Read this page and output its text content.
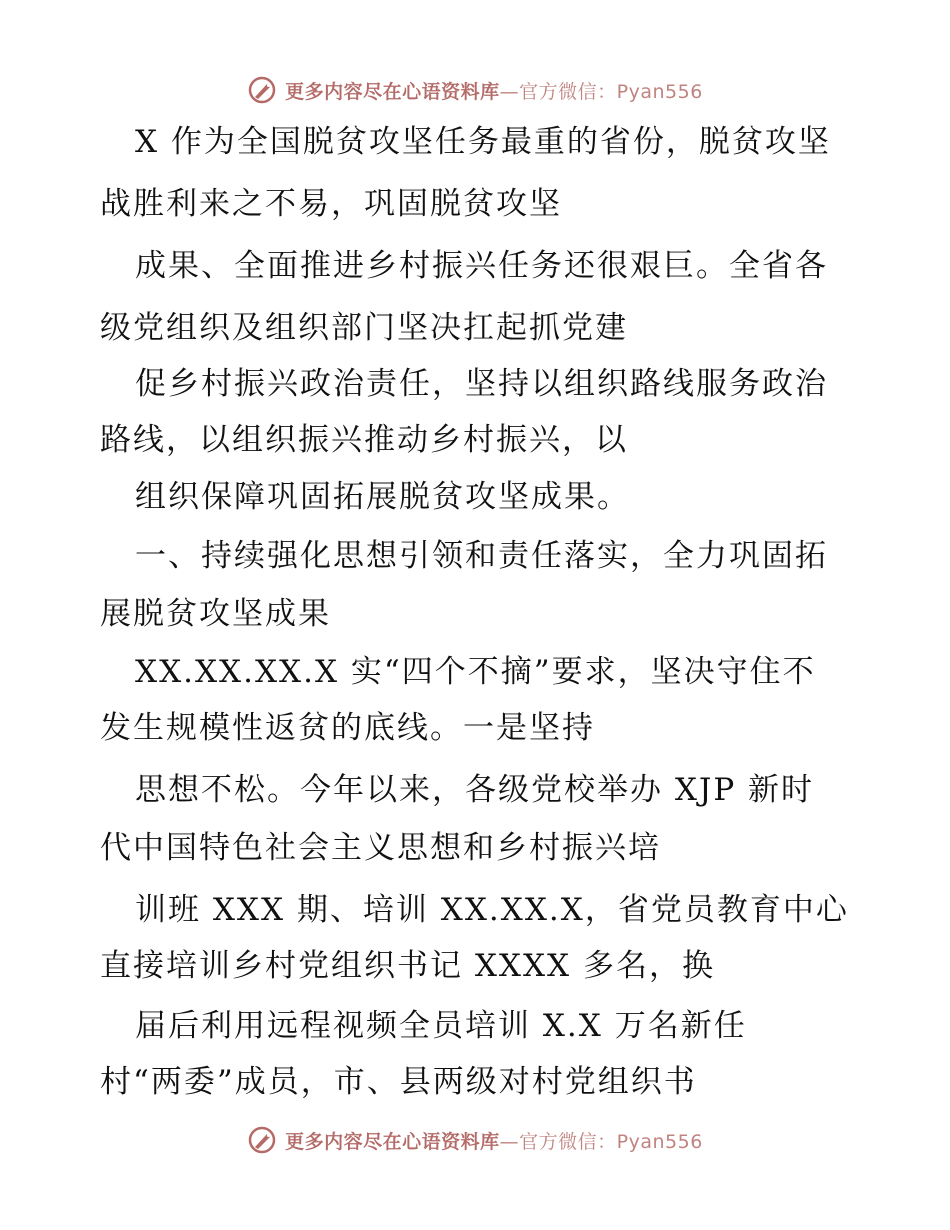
更多内容尽在心语资料库—官方微信：Pyan556
X 作为全国脱贫攻坚任务最重的省份，脱贫攻坚
战胜利来之不易，巩固脱贫攻坚
成果、全面推进乡村振兴任务还很艰巨。全省各
级党组织及组织部门坚决扛起抓党建
促乡村振兴政治责任，坚持以组织路线服务政治
路线，以组织振兴推动乡村振兴，以
组织保障巩固拓展脱贫攻坚成果。
一、持续强化思想引领和责任落实，全力巩固拓
展脱贫攻坚成果
XX.XX.XX.X 实“四个不摘”要求，坚决守住不
发生规模性返贫的底线。一是坚持
思想不松。今年以来，各级党校举办 XJP 新时
代中国特色社会主义思想和乡村振兴培
训班 XXX 期、培训 XX.XX.X，省党员教育中心
直接培训乡村党组织书记 XXXX 多名，换
届后利用远程视频全员培训 X.X 万名新任
村“两委”成员，市、县两级对村党组织书
更多内容尽在心语资料库—官方微信：Pyan556
